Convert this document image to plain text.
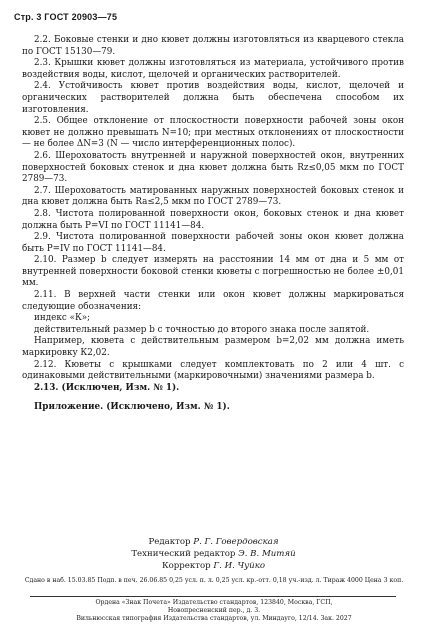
Стр. 3 ГОСТ 20903—75

2.2. Боковые стенки и дно кювет должны изготовляться из кварцевого стекла по ГОСТ 15130—79.

2.3. Крышки кювет должны изготовляться из материала, устойчивого против воздействия воды, кислот, щелочей и органических растворителей.

2.4. Устойчивость кювет против воздействия воды, кислот, щелочей и органических растворителей должна быть обеспечена способом их изготовления.

2.5. Общее отклонение от плоскостности поверхности рабочей зоны окон кювет не должно превышать N=10; при местных отклонениях от плоскостности — не более ΔN=3 (N — число интерференционных полос).

2.6. Шероховатость внутренней и наружной поверхностей окон, внутренних поверхностей боковых стенок и дна кювет должна быть Rz≤0,05 мкм по ГОСТ 2789—73.

2.7. Шероховатость матированных наружных поверхностей боковых стенок и дна кювет должна быть Ra≤2,5 мкм по ГОСТ 2789—73.

2.8. Чистота полированной поверхности окон, боковых стенок и дна кювет должна быть P=VI по ГОСТ 11141—84.

2.9. Чистота полированной поверхности рабочей зоны окон кювет должна быть P=IV по ГОСТ 11141—84.

2.10. Размер b следует измерять на расстоянии 14 мм от дна и 5 мм от внутренней поверхности боковой стенки кюветы с погрешностью не более ±0,01 мм.

2.11. В верхней части стенки или окон кювет должны маркироваться следующие обозначения:

индекс «К»;

действительный размер b с точностью до второго знака после запятой.

Например, кювета с действительным размером b=2,02 мм должна иметь маркировку К2,02.

2.12. Кюветы с крышками следует комплектовать по 2 или 4 шт. с одинаковыми действительными (маркировочными) значениями размера b.

2.13. (Исключен, Изм. № 1).

Приложение. (Исключено, Изм. № 1).

Редактор Р. Г. Говердовская
Технический редактор Э. В. Митяй
Корректор Г. И. Чуйко
Сдано в наб. 15.03.85 Подп. в печ. 26.06.85 0,25 усл. п. л. 0,25 усл. кр.-отт. 0,18 уч.-изд. л. Тираж 4000 Цена 3 коп.
Ордена «Знак Почета» Издательство стандартов, 123840, Москва, ГСП,
Новопресненский пер., д. 3.
Вильнюсская типография Издательства стандартов, ул. Миндауго, 12/14. Зак. 2027
